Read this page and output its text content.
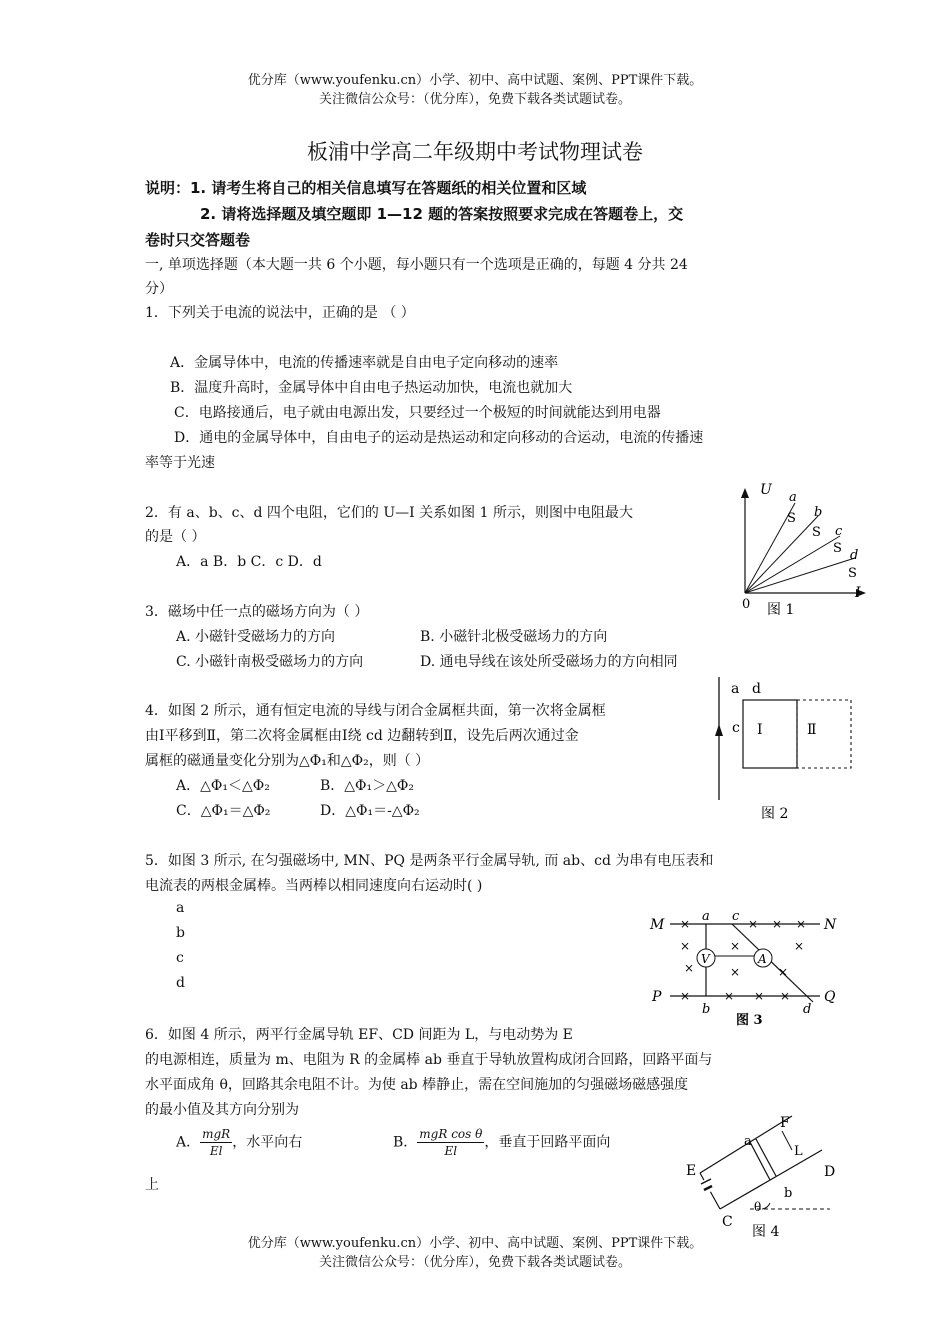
优分库（www.youfenku.cn）小学、初中、高中试题、案例、PPT课件下载。
关注微信公众号：（优分库），免费下载各类试题试卷。
板浦中学高二年级期中考试物理试卷
说明：1. 请考生将自己的相关信息填写在答题纸的相关位置和区域
2. 请将选择题及填空题即 1—12 题的答案按照要求完成在答题卷上，交
卷时只交答题卷
一, 单项选择题（本大题一共 6 个小题，每小题只有一个选项是正确的，每题 4 分共 24
分）
1．下列关于电流的说法中，正确的是 （ ）
A．金属导体中，电流的传播速率就是自由电子定向移动的速率
B．温度升高时，金属导体中自由电子热运动加快，电流也就加大
C．电路接通后，电子就由电源出发，只要经过一个极短的时间就能达到用电器
D．通电的金属导体中，自由电子的运动是热运动和定向移动的合运动，电流的传播速
率等于光速
2．有 a、b、c、d 四个电阻，它们的 U—I 关系如图 1 所示，则图中电阻最大
的是（ ）
A．a B．b C．c D．d
U
I
0
a
S b
S c
S d
S
图 1
3．磁场中任一点的磁场方向为（ ）
A. 小磁针受磁场力的方向	B. 小磁针北极受磁场力的方向
C. 小磁针南极受磁场力的方向	D. 通电导线在该处所受磁场力的方向相同
4．如图 2 所示，通有恒定电流的导线与闭合金属框共面，第一次将金属框
由Ⅰ平移到Ⅱ，第二次将金属框由Ⅰ绕 cd 边翻转到Ⅱ，设先后两次通过金
属框的磁通量变化分别为△Φ₁和△Φ₂，则（ ）
A．△Φ₁＜△Φ₂	B．△Φ₁＞△Φ₂
C．△Φ₁＝△Φ₂	D．△Φ₁＝-△Φ₂
a d
c Ⅰ	Ⅱ
图 2
5．如图 3 所示, 在匀强磁场中, MN、PQ 是两条平行金属导轨, 而 ab、cd 为串有电压表和
电流表的两根金属棒。当两棒以相同速度向右运动时( )
a
b
c
d
V	A
M	N
P	Q
a c
b	d
×	× × ×
×	×	×
×	×	×
×	× × ×
图 3
6．如图 4 所示，两平行金属导轨 EF、CD 间距为 L，与电动势为 E
的电源相连，质量为 m、电阻为 R 的金属棒 ab 垂直于导轨放置构成闭合回路，回路平面与
水平面成角 θ，回路其余电阻不计。为使 ab 棒静止，需在空间施加的匀强磁场磁感强度
的最小值及其方向分别为
A． $\frac{\text{mgR}}{El}$ ，水平向右	B． $\frac{\text{mgR cos θ}}{El}$ ，垂直于回路平面向
上
F
E	D
C
a
b
L
θ
图 4
优分库（www.youfenku.cn）小学、初中、高中试题、案例、PPT课件下载。
关注微信公众号：（优分库），免费下载各类试题试卷。
